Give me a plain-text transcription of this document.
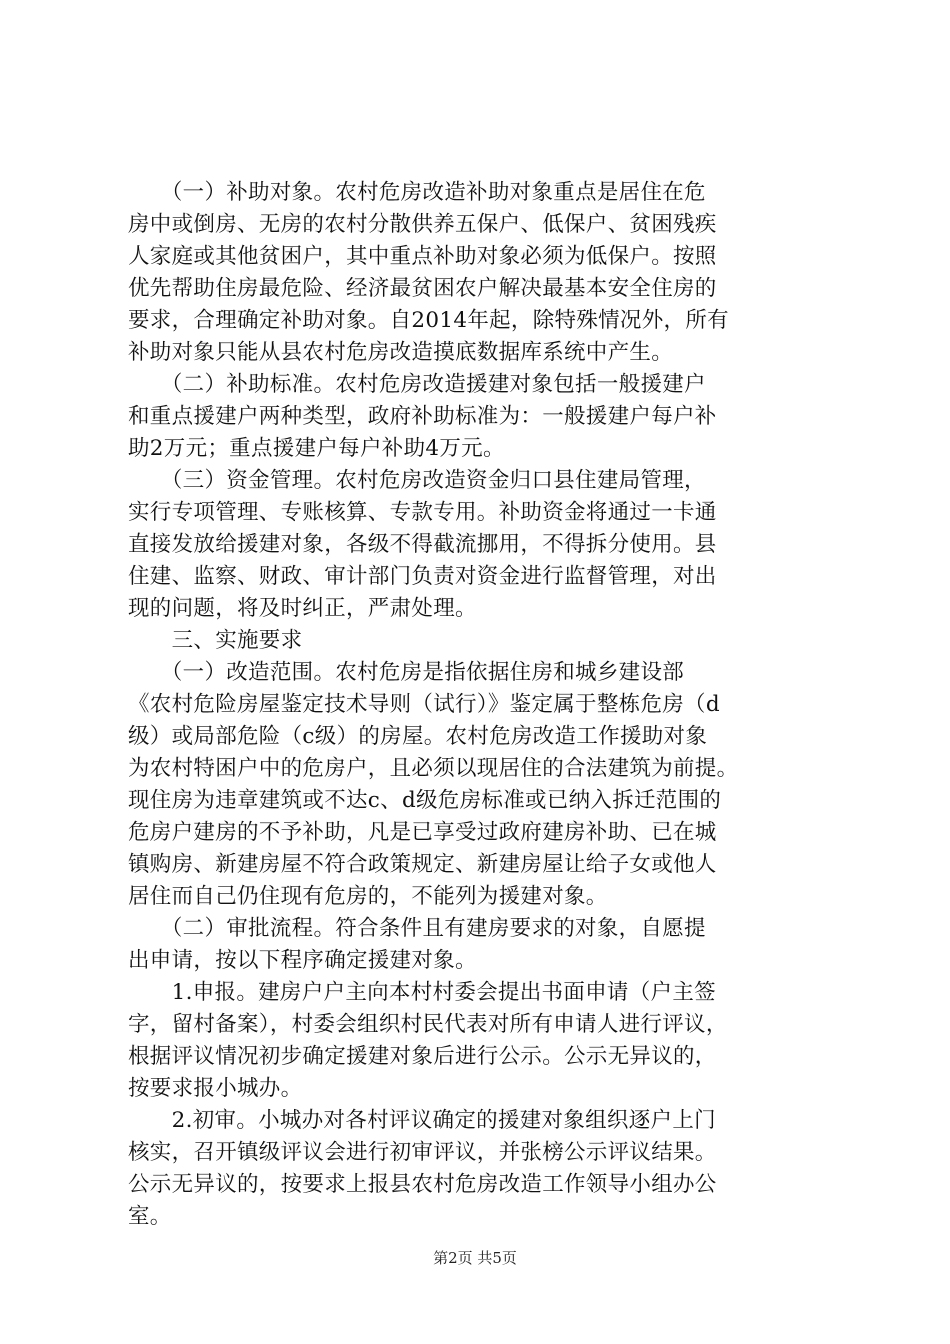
　　（一）补助对象。农村危房改造补助对象重点是居住在危
房中或倒房、无房的农村分散供养五保户、低保户、贫困残疾
人家庭或其他贫困户，其中重点补助对象必须为低保户。按照
优先帮助住房最危险、经济最贫困农户解决最基本安全住房的
要求，合理确定补助对象。自2014年起，除特殊情况外，所有
补助对象只能从县农村危房改造摸底数据库系统中产生。
　　（二）补助标准。农村危房改造援建对象包括一般援建户
和重点援建户两种类型，政府补助标准为：一般援建户每户补
助2万元；重点援建户每户补助4万元。
　　（三）资金管理。农村危房改造资金归口县住建局管理，
实行专项管理、专账核算、专款专用。补助资金将通过一卡通
直接发放给援建对象，各级不得截流挪用，不得拆分使用。县
住建、监察、财政、审计部门负责对资金进行监督管理，对出
现的问题，将及时纠正，严肃处理。
　　三、实施要求
　　（一）改造范围。农村危房是指依据住房和城乡建设部
《农村危险房屋鉴定技术导则（试行）》鉴定属于整栋危房（d
级）或局部危险（c级）的房屋。农村危房改造工作援助对象
为农村特困户中的危房户，且必须以现居住的合法建筑为前提。
现住房为违章建筑或不达c、d级危房标准或已纳入拆迁范围的
危房户建房的不予补助，凡是已享受过政府建房补助、已在城
镇购房、新建房屋不符合政策规定、新建房屋让给子女或他人
居住而自己仍住现有危房的，不能列为援建对象。
　　（二）审批流程。符合条件且有建房要求的对象，自愿提
出申请，按以下程序确定援建对象。
　　1.申报。建房户户主向本村村委会提出书面申请（户主签
字，留村备案），村委会组织村民代表对所有申请人进行评议，
根据评议情况初步确定援建对象后进行公示。公示无异议的，
按要求报小城办。
　　2.初审。小城办对各村评议确定的援建对象组织逐户上门
核实，召开镇级评议会进行初审评议，并张榜公示评议结果。
公示无异议的，按要求上报县农村危房改造工作领导小组办公
室。
第2页 共5页
